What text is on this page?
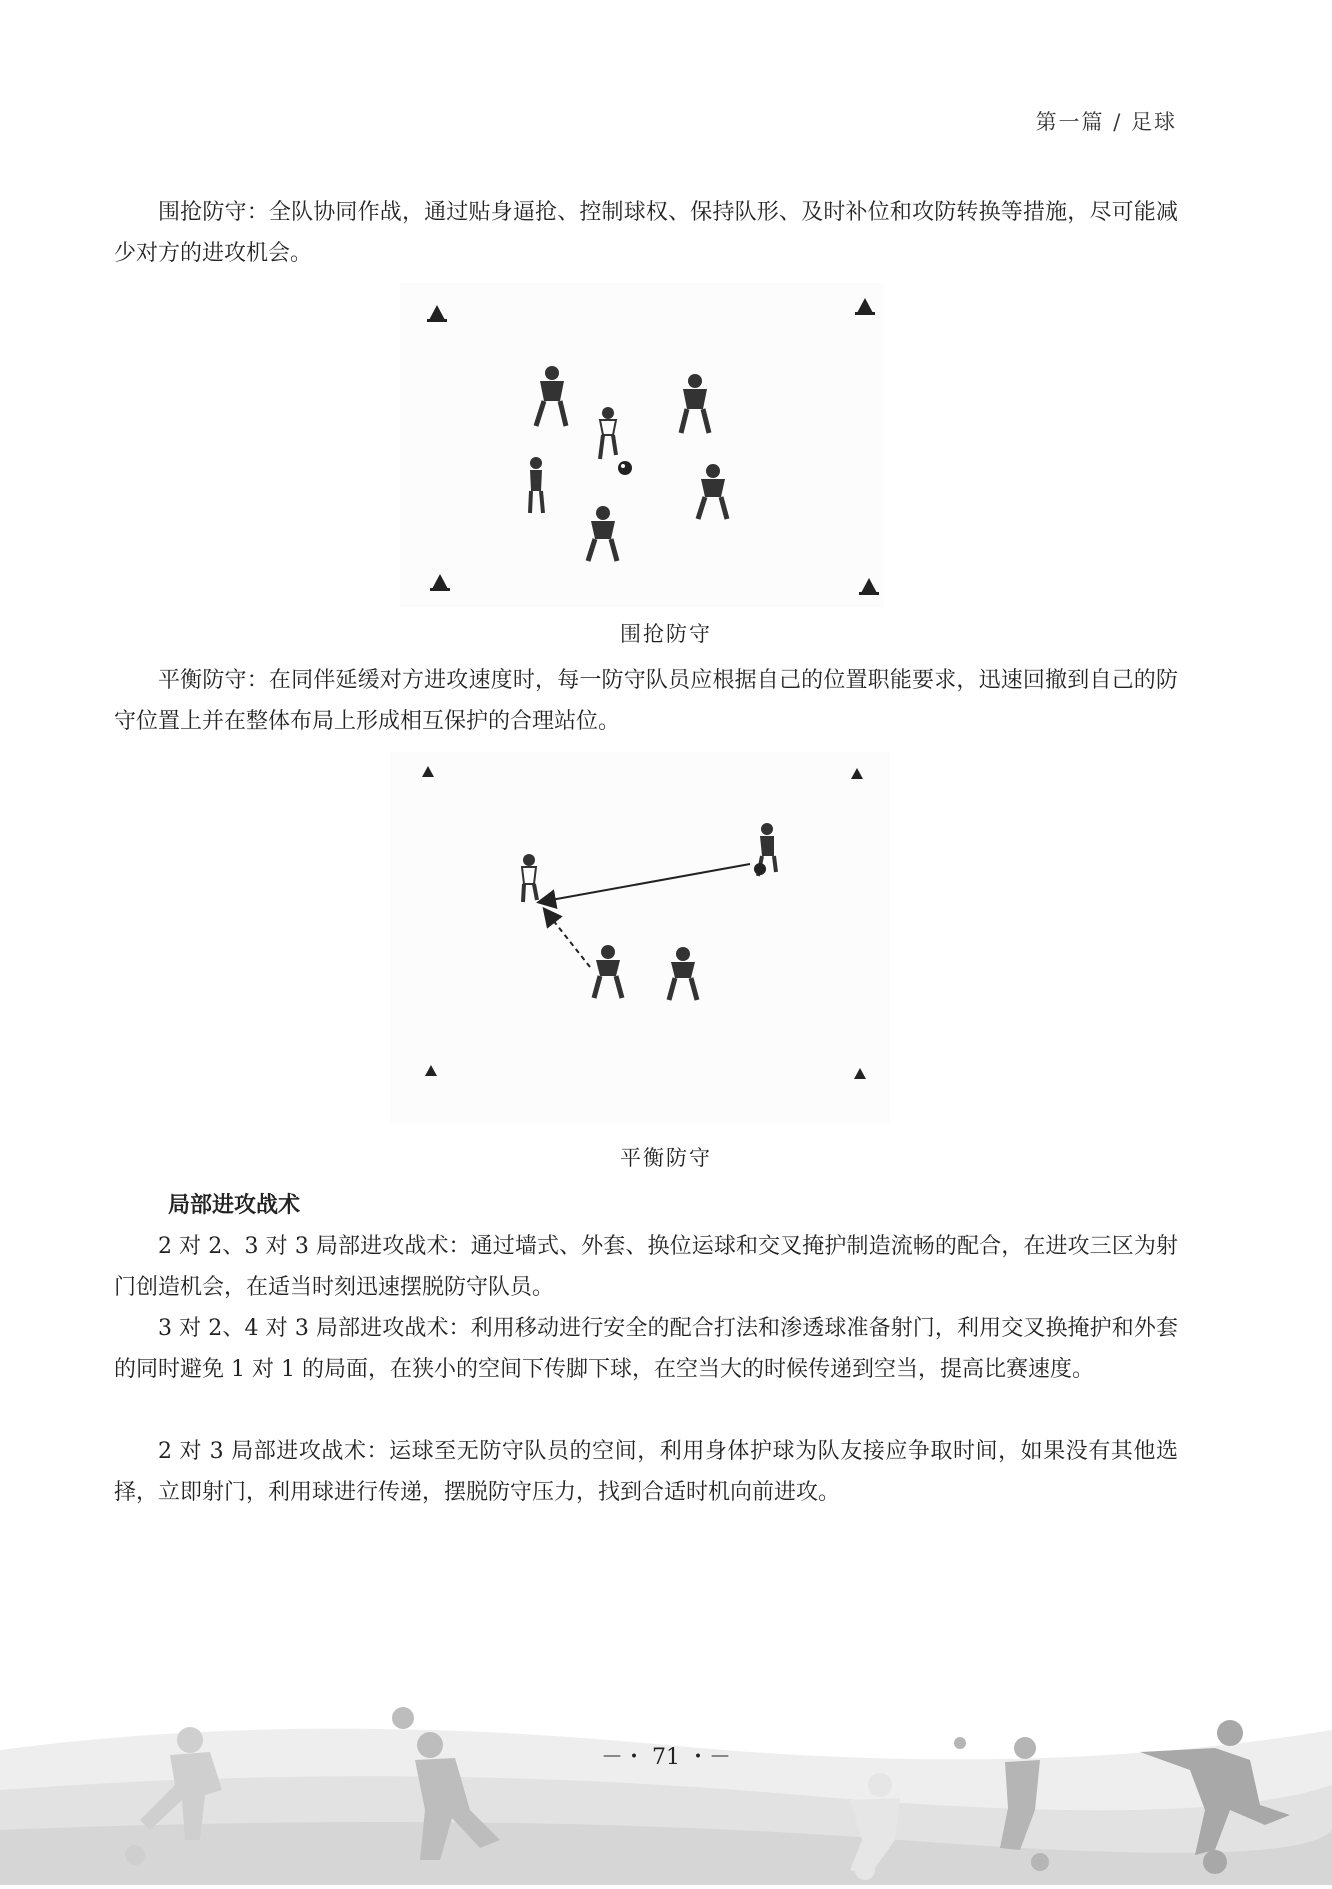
第一篇 / 足球
围抢防守：全队协同作战，通过贴身逼抢、控制球权、保持队形、及时补位和攻防转换等措施，尽可能减少对方的进攻机会。
围抢防守
平衡防守：在同伴延缓对方进攻速度时，每一防守队员应根据自己的位置职能要求，迅速回撤到自己的防守位置上并在整体布局上形成相互保护的合理站位。
平衡防守
局部进攻战术
2 对 2、3 对 3 局部进攻战术：通过墙式、外套、换位运球和交叉掩护制造流畅的配合，在进攻三区为射门创造机会，在适当时刻迅速摆脱防守队员。
3 对 2、4 对 3 局部进攻战术：利用移动进行安全的配合打法和渗透球准备射门，利用交叉换掩护和外套的同时避免 1 对 1 的局面，在狭小的空间下传脚下球，在空当大的时候传递到空当，提高比赛速度。
2 对 3 局部进攻战术：运球至无防守队员的空间，利用身体护球为队友接应争取时间，如果没有其他选择，立即射门，利用球进行传递，摆脱防守压力，找到合适时机向前进攻。
－・ 71 ・－
